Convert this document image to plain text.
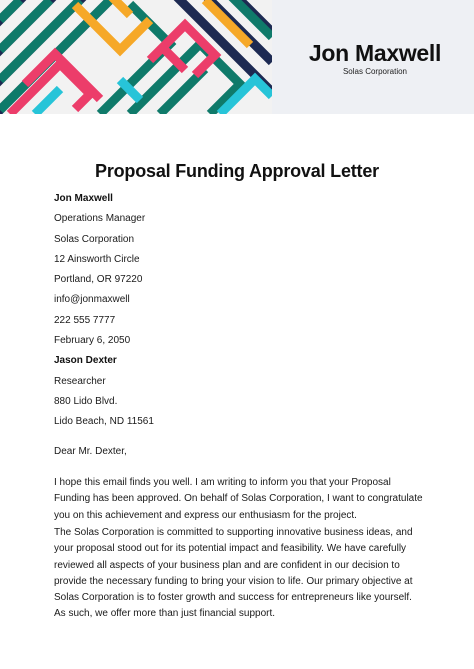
Jon Maxwell
Solas Corporation
Proposal Funding Approval Letter
Jon Maxwell
Operations Manager
Solas Corporation
12 Ainsworth Circle
Portland, OR 97220
info@jonmaxwell
222 555 7777
February 6, 2050
Jason Dexter
Researcher
880 Lido Blvd.
Lido Beach, ND 11561
Dear Mr. Dexter,

I hope this email finds you well. I am writing to inform you that your Proposal Funding has been approved. On behalf of Solas Corporation, I want to congratulate you on this achievement and express our enthusiasm for the project.

The Solas Corporation is committed to supporting innovative business ideas, and your proposal stood out for its potential impact and feasibility. We have carefully reviewed all aspects of your business plan and are confident in our decision to provide the necessary funding to bring your vision to life. Our primary objective at Solas Corporation is to foster growth and success for entrepreneurs like yourself. As such, we offer more than just financial support.
